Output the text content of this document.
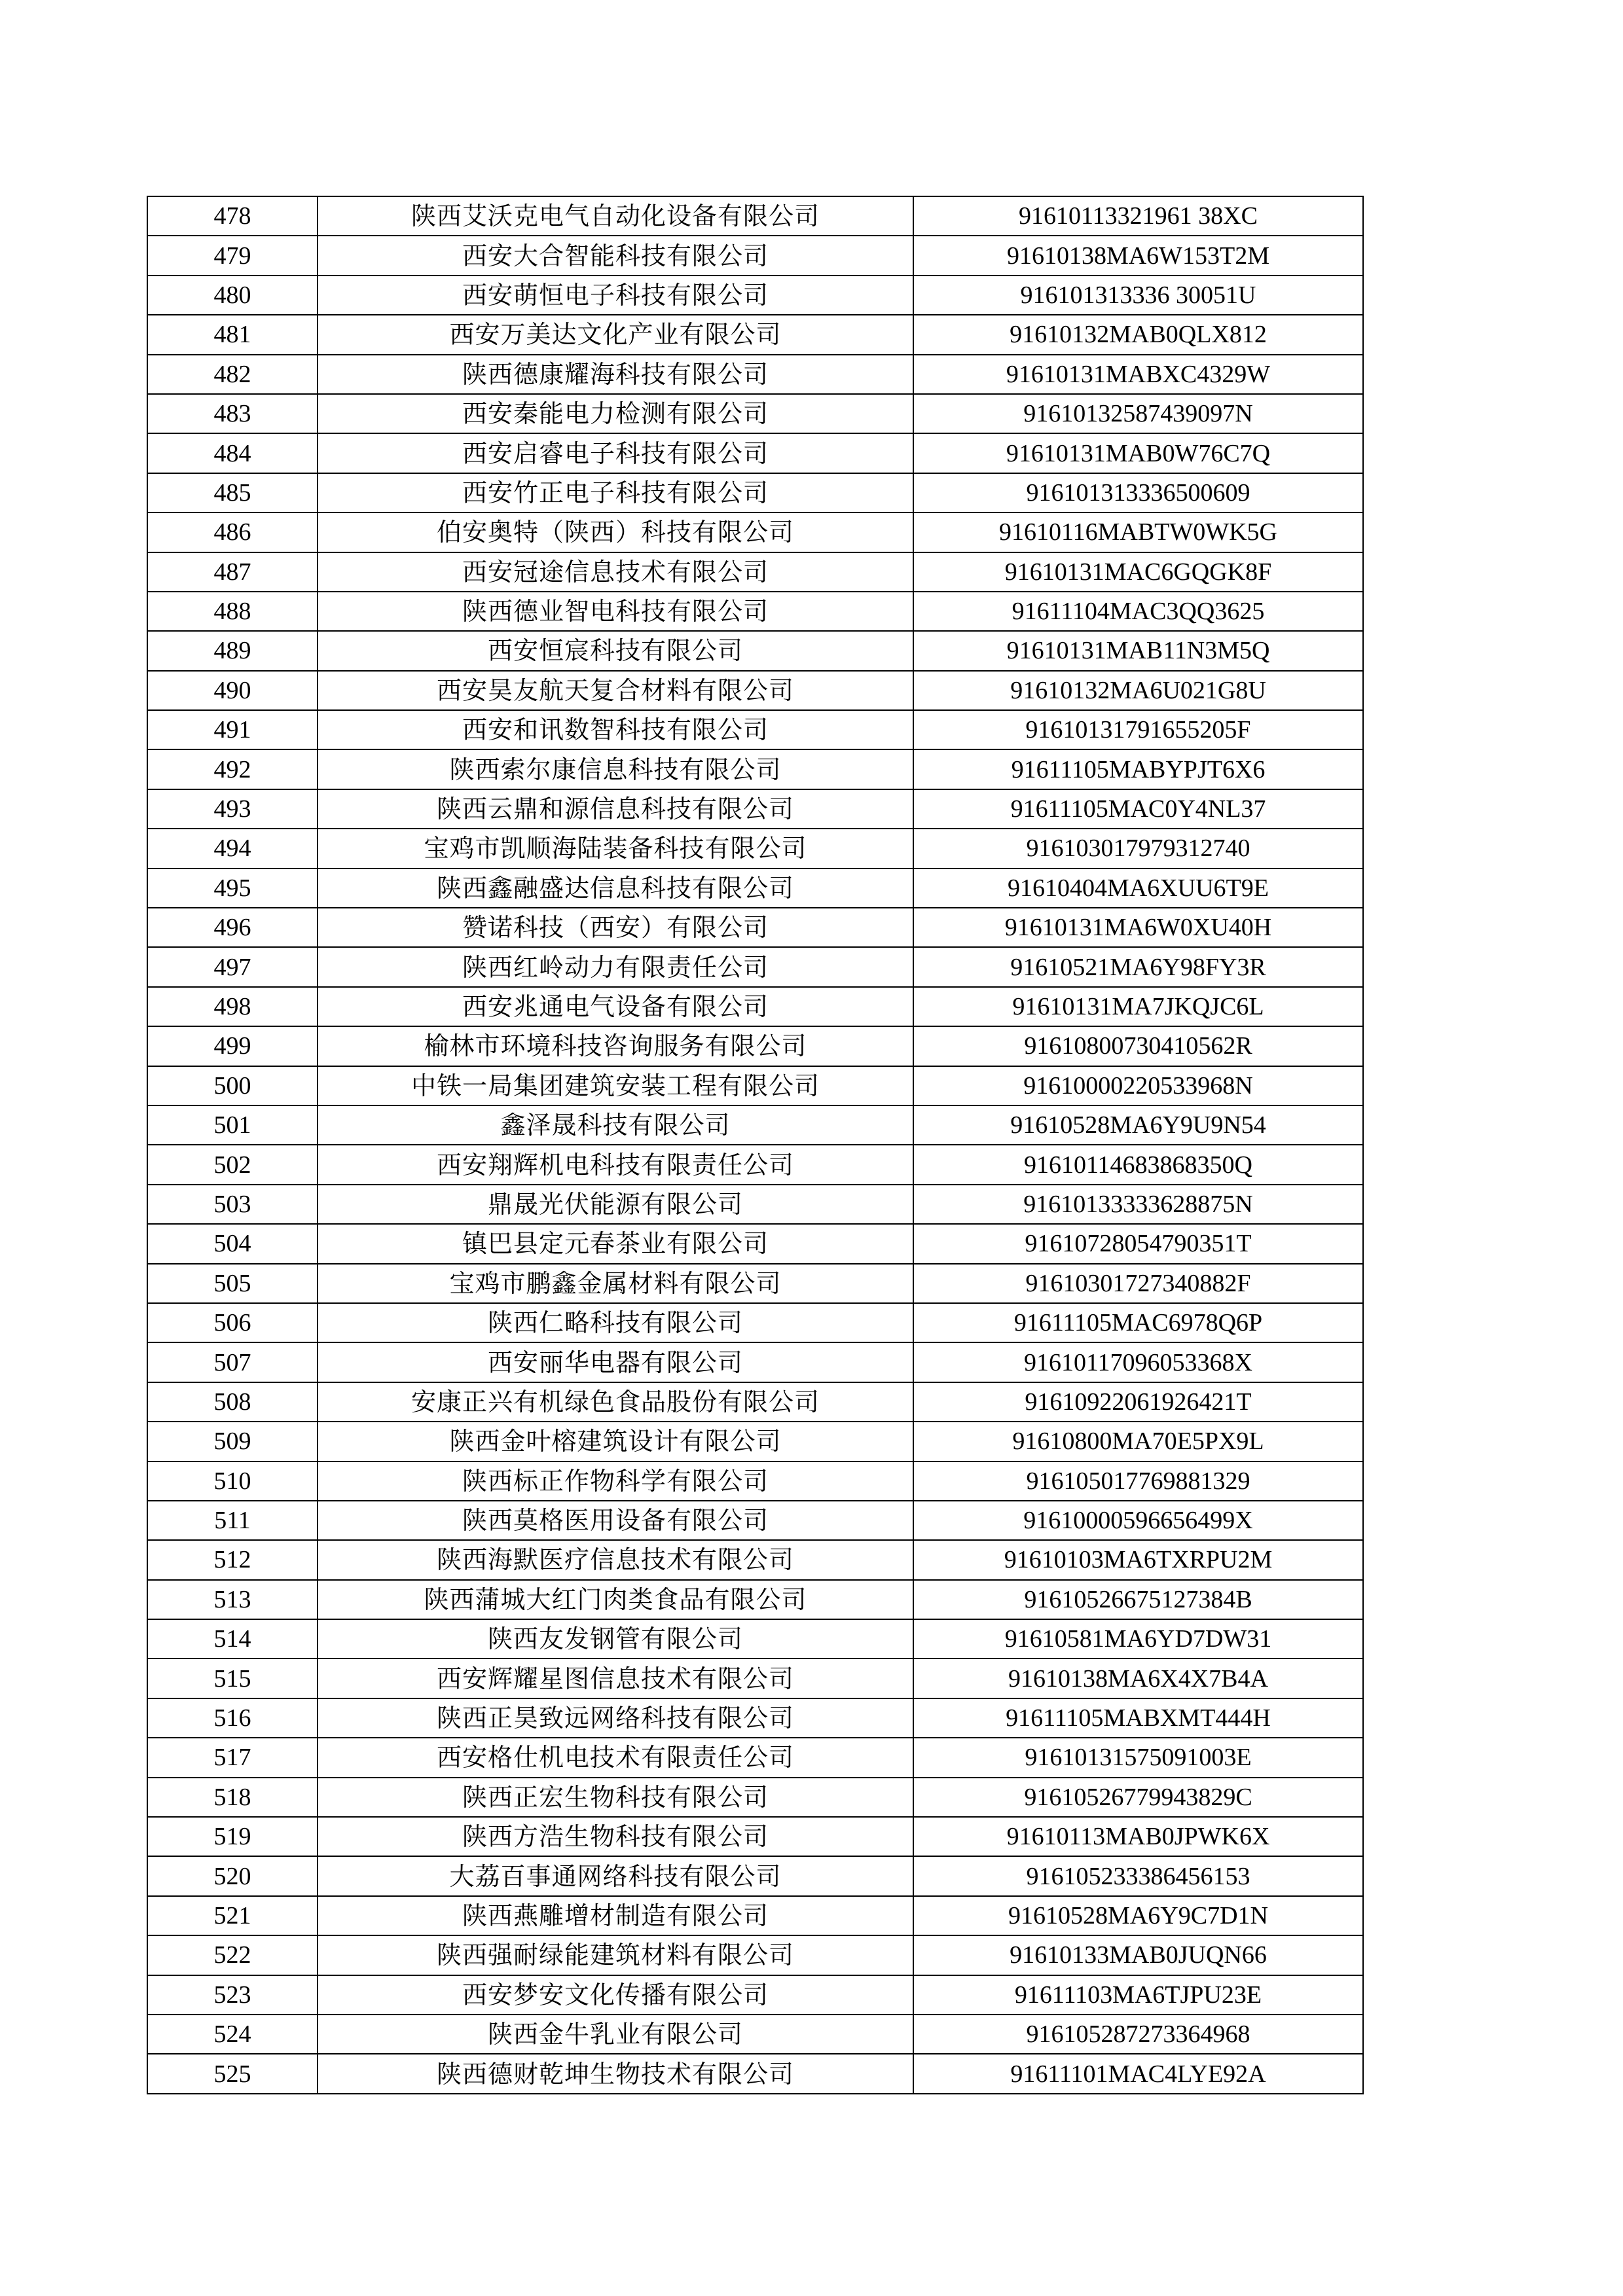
478	陕西艾沃克电气自动化设备有限公司	91610113321961 38XC
479	西安大合智能科技有限公司	91610138MA6W153T2M
480	西安萌恒电子科技有限公司	916101313336 30051U
481	西安万美达文化产业有限公司	91610132MAB0QLX812
482	陕西德康耀海科技有限公司	91610131MABXC4329W
483	西安秦能电力检测有限公司	91610132587439097N
484	西安启睿电子科技有限公司	91610131MAB0W76C7Q
485	西安竹正电子科技有限公司	916101313336500609
486	伯安奥特（陕西）科技有限公司	91610116MABTW0WK5G
487	西安冠途信息技术有限公司	91610131MAC6GQGK8F
488	陕西德业智电科技有限公司	91611104MAC3QQ3625
489	西安恒宸科技有限公司	91610131MAB11N3M5Q
490	西安昊友航天复合材料有限公司	91610132MA6U021G8U
491	西安和讯数智科技有限公司	91610131791655205F
492	陕西索尔康信息科技有限公司	91611105MABYPJT6X6
493	陕西云鼎和源信息科技有限公司	91611105MAC0Y4NL37
494	宝鸡市凯顺海陆装备科技有限公司	916103017979312740
495	陕西鑫融盛达信息科技有限公司	91610404MA6XUU6T9E
496	赞诺科技（西安）有限公司	91610131MA6W0XU40H
497	陕西红岭动力有限责任公司	91610521MA6Y98FY3R
498	西安兆通电气设备有限公司	91610131MA7JKQJC6L
499	榆林市环境科技咨询服务有限公司	91610800730410562R
500	中铁一局集团建筑安装工程有限公司	91610000220533968N
501	鑫泽晟科技有限公司	91610528MA6Y9U9N54
502	西安翔辉机电科技有限责任公司	91610114683868350Q
503	鼎晟光伏能源有限公司	91610133333628875N
504	镇巴县定元春茶业有限公司	91610728054790351T
505	宝鸡市鹏鑫金属材料有限公司	91610301727340882F
506	陕西仁略科技有限公司	91611105MAC6978Q6P
507	西安丽华电器有限公司	91610117096053368X
508	安康正兴有机绿色食品股份有限公司	91610922061926421T
509	陕西金叶榕建筑设计有限公司	91610800MA70E5PX9L
510	陕西标正作物科学有限公司	916105017769881329
511	陕西莫格医用设备有限公司	91610000596656499X
512	陕西海默医疗信息技术有限公司	91610103MA6TXRPU2M
513	陕西蒲城大红门肉类食品有限公司	91610526675127384B
514	陕西友发钢管有限公司	91610581MA6YD7DW31
515	西安辉耀星图信息技术有限公司	91610138MA6X4X7B4A
516	陕西正昊致远网络科技有限公司	91611105MABXMT444H
517	西安格仕机电技术有限责任公司	91610131575091003E
518	陕西正宏生物科技有限公司	91610526779943829C
519	陕西方浩生物科技有限公司	91610113MAB0JPWK6X
520	大荔百事通网络科技有限公司	916105233386456153
521	陕西燕雕增材制造有限公司	91610528MA6Y9C7D1N
522	陕西强耐绿能建筑材料有限公司	91610133MAB0JUQN66
523	西安梦安文化传播有限公司	91611103MA6TJPU23E
524	陕西金牛乳业有限公司	916105287273364968
525	陕西德财乾坤生物技术有限公司	91611101MAC4LYE92A
